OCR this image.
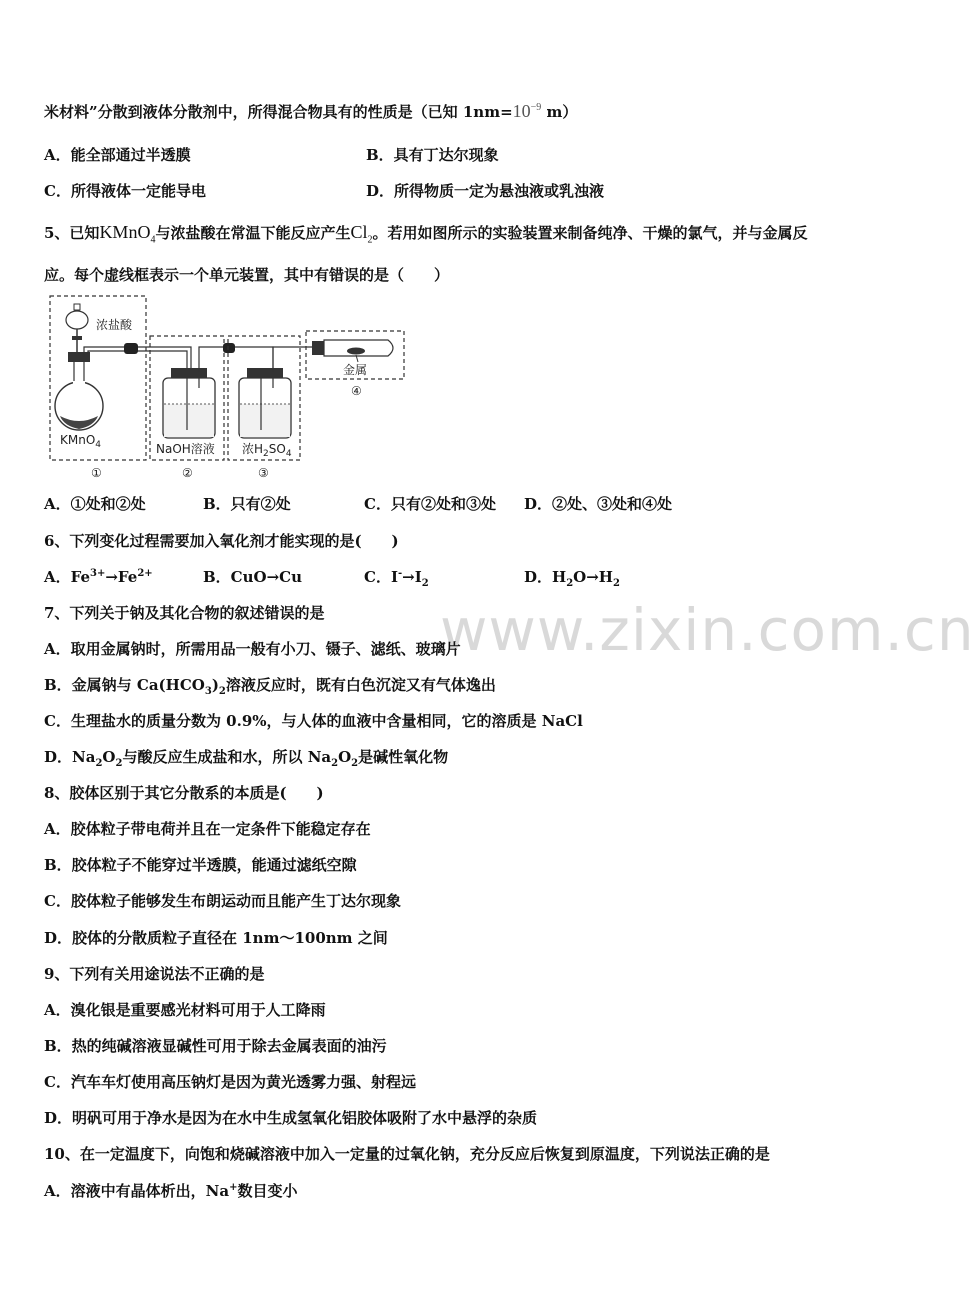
www.zixin.com.cn
米材料”分散到液体分散剂中，所得混合物具有的性质是（已知 $1nm=10^{-9}$ m）
A．能全部通过半透膜	B．具有丁达尔现象
C．所得液体一定能导电	D．所得物质一定为悬浊液或乳浊液
5、已知KMnO$_4$与浓盐酸在常温下能反应产生$Cl_2$。若用如图所示的实验装置来制备纯净、干燥的氯气，并与金属反
应。每个虚线框表示一个单元装置，其中有错误的是（　　）
浓盐酸
KMnO$_4$
①
NaOH溶液
②
浓$H_2SO_4$
③
金属
④
A．①处和②处	B．只有②处	C．只有②处和③处 D．②处、③处和④处
6、下列变化过程需要加入氧化剂才能实现的是(　　)
A．$Fe^{3+}\to Fe^{2+}$	B．CuO→Cu	C．$I^-\to I_2$	D．$H_2O\to H_2$
7、下列关于钠及其化合物的叙述错误的是
A．取用金属钠时，所需用品一般有小刀、镊子、滤纸、玻璃片
B．金属钠与 $Ca(HCO_3)_2$溶液反应时，既有白色沉淀又有气体逸出
C．生理盐水的质量分数为 0.9%，与人体的血液中含量相同，它的溶质是 NaCl
D．$Na_2O_2$与酸反应生成盐和水，所以 $Na_2O_2$是碱性氧化物
8、胶体区别于其它分散系的本质是(　　)
A．胶体粒子带电荷并且在一定条件下能稳定存在
B．胶体粒子不能穿过半透膜，能通过滤纸空隙
C．胶体粒子能够发生布朗运动而且能产生丁达尔现象
D．胶体的分散质粒子直径在 1nm～100nm 之间
9、下列有关用途说法不正确的是
A．溴化银是重要感光材料可用于人工降雨
B．热的纯碱溶液显碱性可用于除去金属表面的油污
C．汽车车灯使用高压钠灯是因为黄光透雾力强、射程远
D．明矾可用于净水是因为在水中生成氢氧化铝胶体吸附了水中悬浮的杂质
10、在一定温度下，向饱和烧碱溶液中加入一定量的过氧化钠，充分反应后恢复到原温度，下列说法正确的是
A．溶液中有晶体析出，Na+数目变小
